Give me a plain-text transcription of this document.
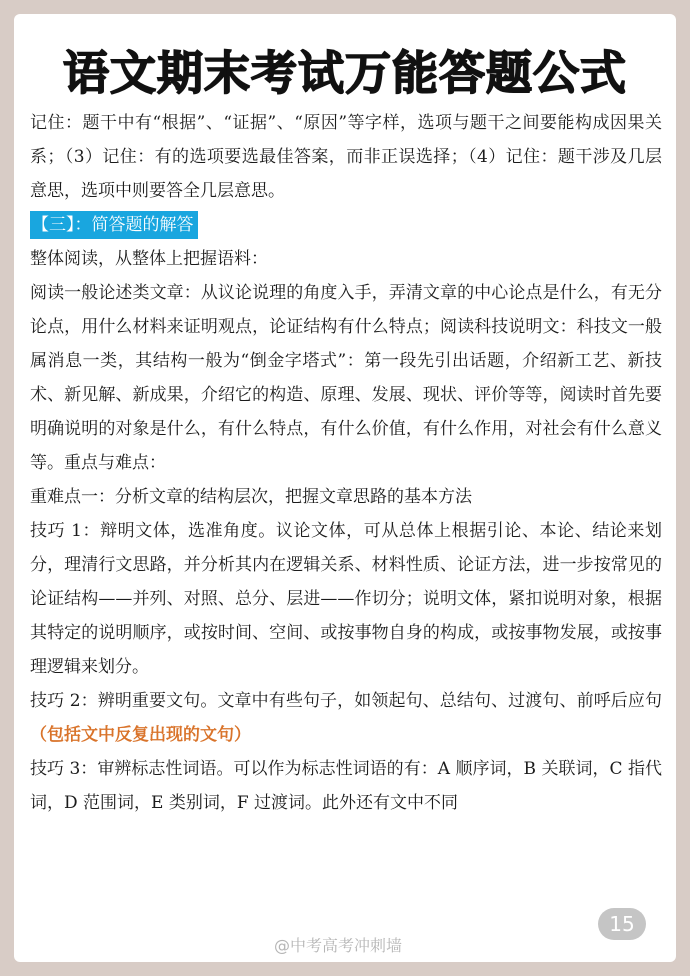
语文期末考试万能答题公式

记住：题干中有“根据”、“证据”、“原因”等字样，选项与题干之间要能构成因果关系；（3）记住：有的选项要选最佳答案，而非正误选择；（4）记住：题干涉及几层意思，选项中则要答全几层意思。

【三】：简答题的解答

整体阅读，从整体上把握语料：

阅读一般论述类文章：从议论说理的角度入手，弄清文章的中心论点是什么，有无分论点，用什么材料来证明观点，论证结构有什么特点；阅读科技说明文：科技文一般属消息一类，其结构一般为“倒金字塔式”：第一段先引出话题，介绍新工艺、新技术、新见解、新成果，介绍它的构造、原理、发展、现状、评价等等，阅读时首先要明确说明的对象是什么，有什么特点，有什么价值，有什么作用，对社会有什么意义等。重点与难点：

重难点一：分析文章的结构层次，把握文章思路的基本方法

技巧 1：辩明文体，选准角度。议论文体，可从总体上根据引论、本论、结论来划分，理清行文思路，并分析其内在逻辑关系、材料性质、论证方法，进一步按常见的论证结构——并列、对照、总分、层进——作切分；说明文体，紧扣说明对象，根据其特定的说明顺序，或按时间、空间、或按事物自身的构成，或按事物发展，或按事理逻辑来划分。

技巧 2：辨明重要文句。文章中有些句子，如领起句、总结句、过渡句、前呼后应句（包括文中反复出现的文句）

技巧 3：审辨标志性词语。可以作为标志性词语的有：A 顺序词，B 关联词，C 指代词，D 范围词，E 类别词，F 过渡词。此外还有文中不同

15
@中考高考冲刺墙
